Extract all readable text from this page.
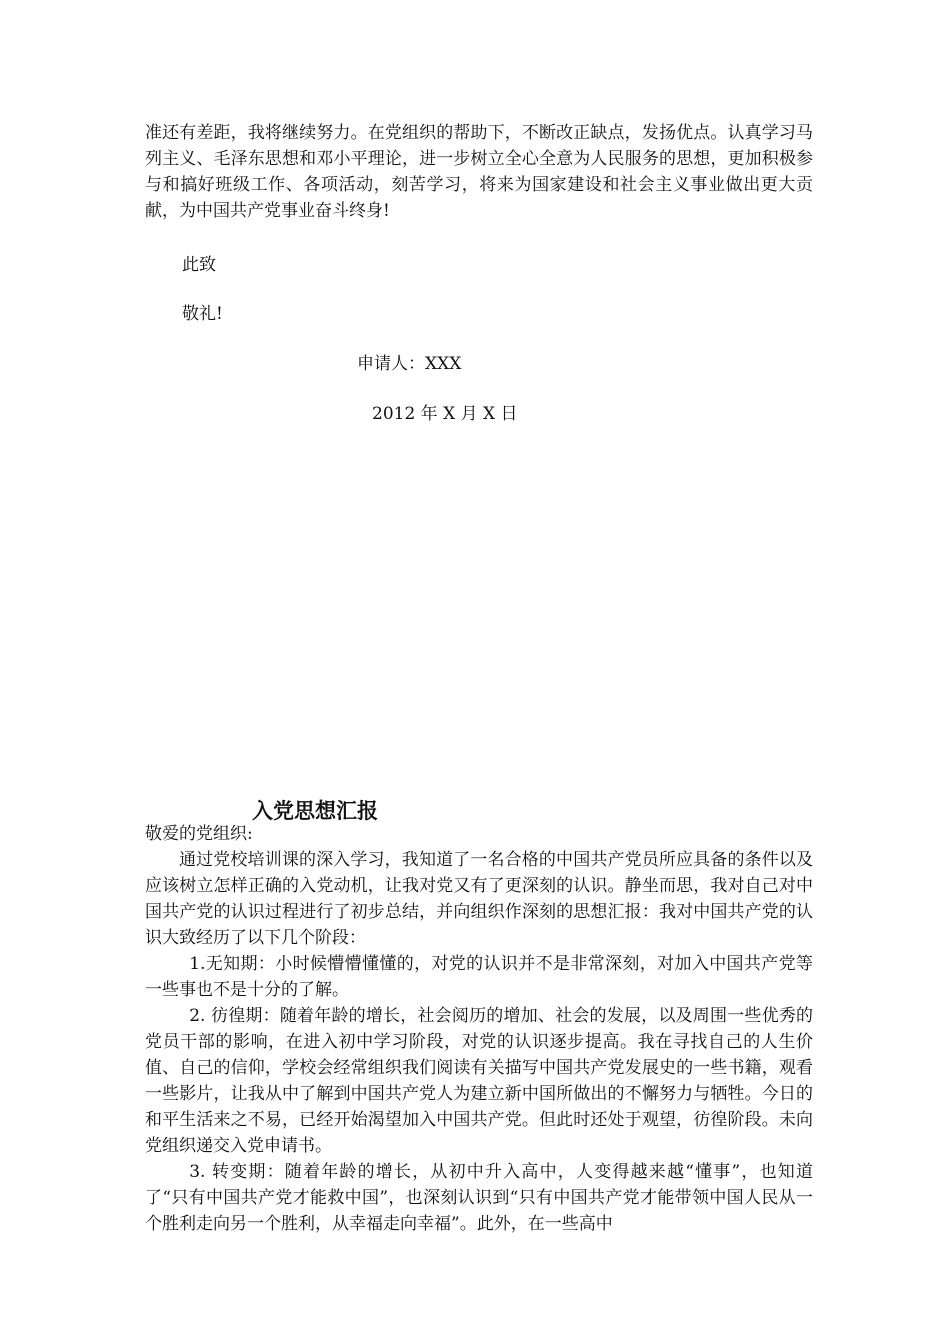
准还有差距，我将继续努力。在党组织的帮助下，不断改正缺点，发扬优点。认真学习马列主义、毛泽东思想和邓小平理论，进一步树立全心全意为人民服务的思想，更加积极参与和搞好班级工作、各项活动，刻苦学习，将来为国家建设和社会主义事业做出更大贡献，为中国共产党事业奋斗终身!

此致
敬礼!
申请人：XXX
2012 年 X 月 X 日
入党思想汇报

敬爱的党组织:

通过党校培训课的深入学习，我知道了一名合格的中国共产党员所应具备的条件以及应该树立怎样正确的入党动机，让我对党又有了更深刻的认识。静坐而思，我对自己对中国共产党的认识过程进行了初步总结，并向组织作深刻的思想汇报：我对中国共产党的认识大致经历了以下几个阶段：

1.无知期：小时候懵懵懂懂的，对党的认识并不是非常深刻，对加入中国共产党等一些事也不是十分的了解。

2. 彷徨期：随着年龄的增长，社会阅历的增加、社会的发展，以及周围一些优秀的党员干部的影响，在进入初中学习阶段，对党的认识逐步提高。我在寻找自己的人生价值、自己的信仰，学校会经常组织我们阅读有关描写中国共产党发展史的一些书籍，观看一些影片，让我从中了解到中国共产党人为建立新中国所做出的不懈努力与牺牲。今日的和平生活来之不易，已经开始渴望加入中国共产党。但此时还处于观望，彷徨阶段。未向党组织递交入党申请书。

3. 转变期：随着年龄的增长，从初中升入高中，人变得越来越“懂事”，也知道了“只有中国共产党才能救中国”，也深刻认识到“只有中国共产党才能带领中国人民从一个胜利走向另一个胜利，从幸福走向幸福”。此外，在一些高中
